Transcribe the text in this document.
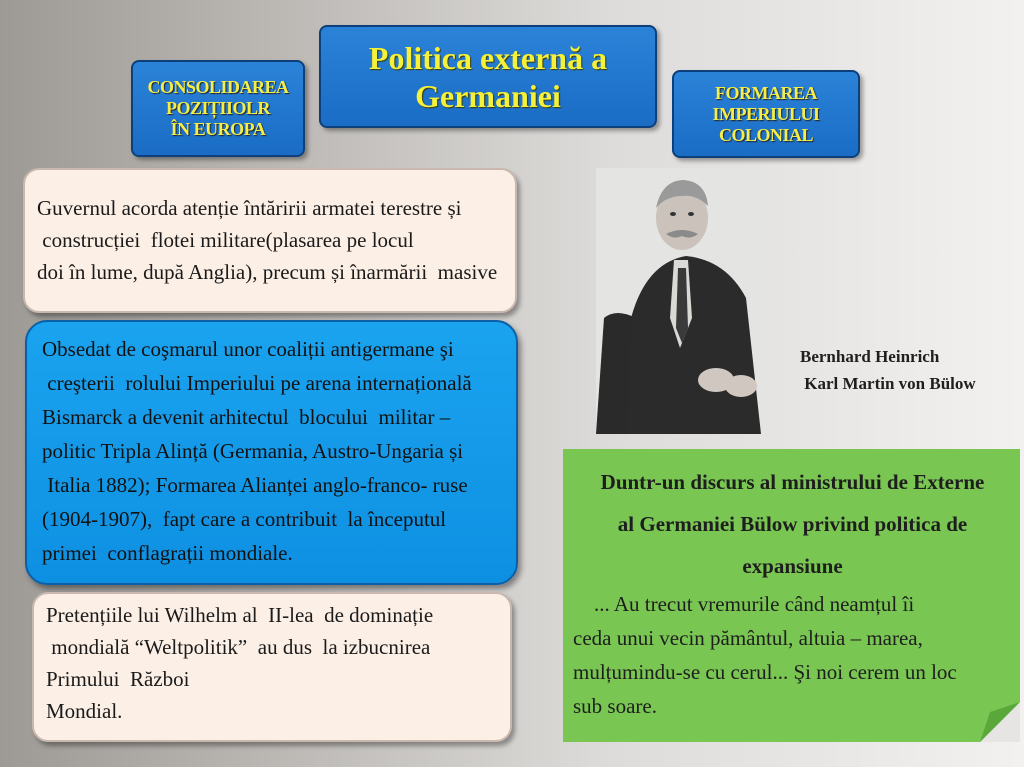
Politica externă a
Germaniei
CONSOLIDAREA
POZIȚIIOLR
ÎN EUROPA
FORMAREA
IMPERIULUI
COLONIAL
Guvernul acorda atenție întăririi armatei terestre și
construcției  flotei militare(plasarea pe locul
doi în lume, după Anglia), precum și înarmării  masive
Obsedat de coşmarul unor coaliții antigermane şi
creşterii  rolului Imperiului pe arena internațională
Bismarck a devenit arhitectul  blocului  militar –
politic Tripla Alință (Germania, Austro-Ungaria și
Italia 1882); Formarea Alianței anglo-franco- ruse
(1904-1907),  fapt care a contribuit  la începutul
primei  conflagrații mondiale.
Pretențiile lui Wilhelm al  II-lea  de dominație
mondială “Weltpolitik”  au dus  la izbucnirea
Primului  Război
Mondial.
Bernhard Heinrich
Karl Martin von Bülow
Duntr-un discurs al ministrului de Externe
al Germaniei Bülow privind politica de
expansiune
... Au trecut vremurile când neamțul îi
ceda unui vecin pământul, altuia – marea,
mulțumindu-se cu cerul... Şi noi cerem un loc
sub soare.
